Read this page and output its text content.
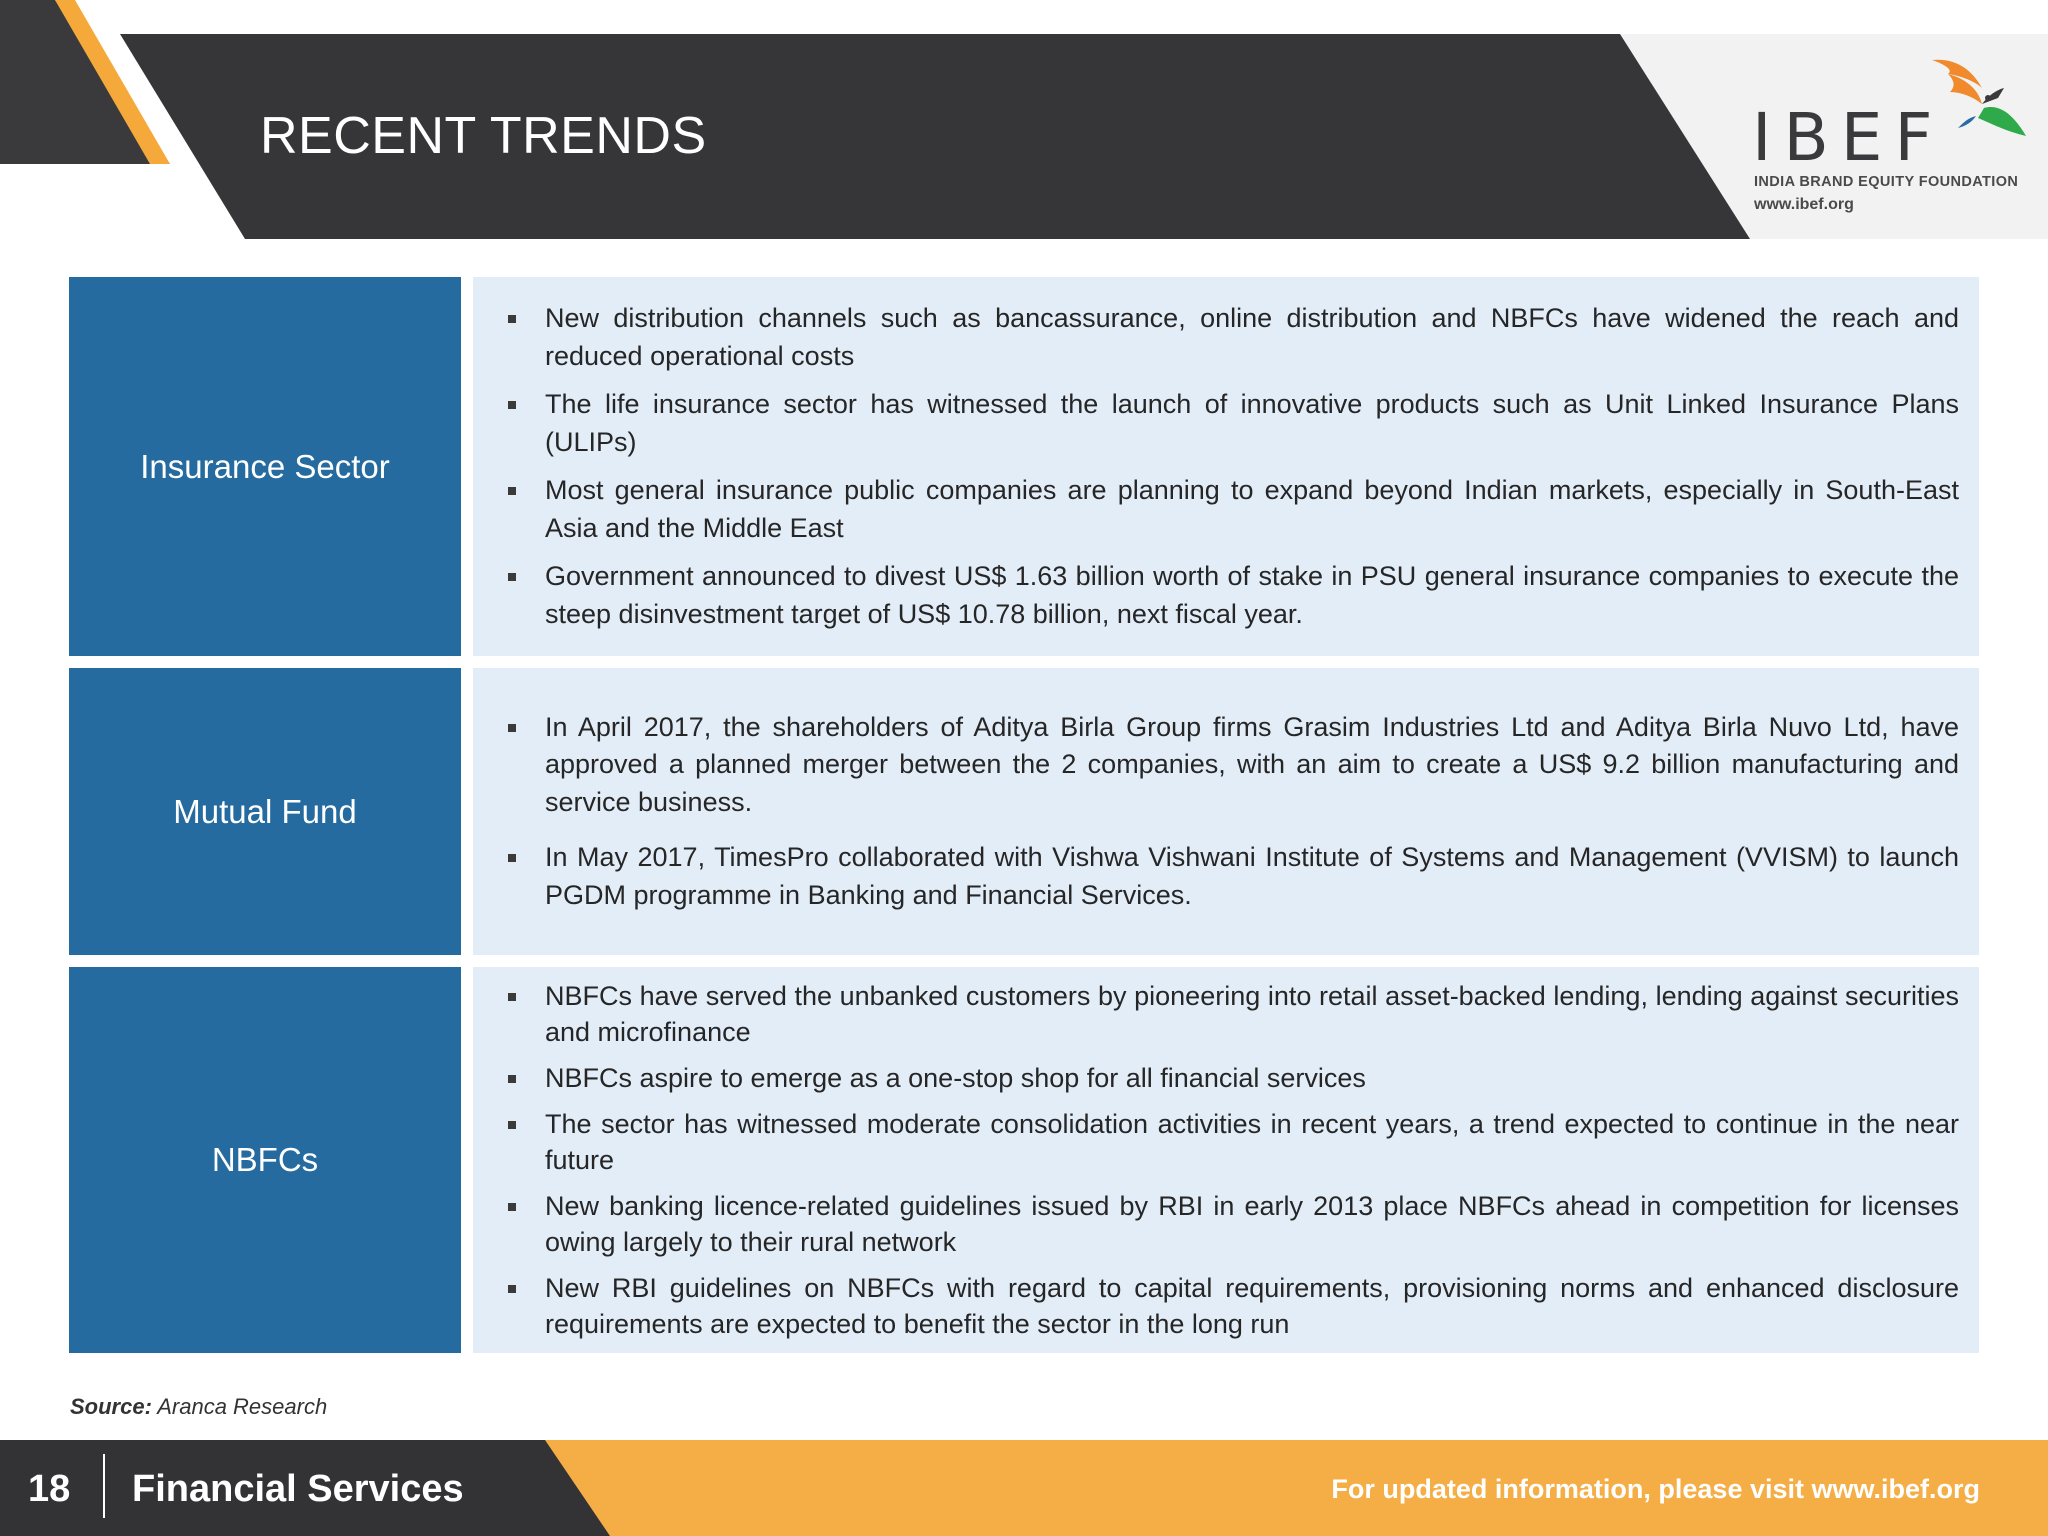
RECENT TRENDS	IBEF
INDIA BRAND EQUITY FOUNDATION
www.ibef.org
Insurance Sector

New distribution channels such as bancassurance, online distribution and NBFCs have widened the reach and reduced operational costs

The life insurance sector has witnessed the launch of innovative products such as Unit Linked Insurance Plans (ULIPs)

Most general insurance public companies are planning to expand beyond Indian markets, especially in South-East Asia and the Middle East

Government announced to divest US$ 1.63 billion worth of stake in PSU general insurance companies to execute the steep disinvestment target of US$ 10.78 billion, next fiscal year.

Mutual Fund

In April 2017, the shareholders of Aditya Birla Group firms Grasim Industries Ltd and Aditya Birla Nuvo Ltd, have approved a planned merger between the 2 companies, with an aim to create a US$ 9.2 billion manufacturing and service business.

In May 2017, TimesPro collaborated with Vishwa Vishwani Institute of Systems and Management (VVISM) to launch PGDM programme in Banking and Financial Services.

NBFCs

NBFCs have served the unbanked customers by pioneering into retail asset-backed lending, lending against securities and microfinance

NBFCs aspire to emerge as a one-stop shop for all financial services

The sector has witnessed moderate consolidation activities in recent years, a trend expected to continue in the near future

New banking licence-related guidelines issued by RBI in early 2013 place NBFCs ahead in competition for licenses owing largely to their rural network

New RBI guidelines on NBFCs with regard to capital requirements, provisioning norms and enhanced disclosure requirements are expected to benefit the sector in the long run

Source: Aranca Research
18 Financial Services	For updated information, please visit www.ibef.org
